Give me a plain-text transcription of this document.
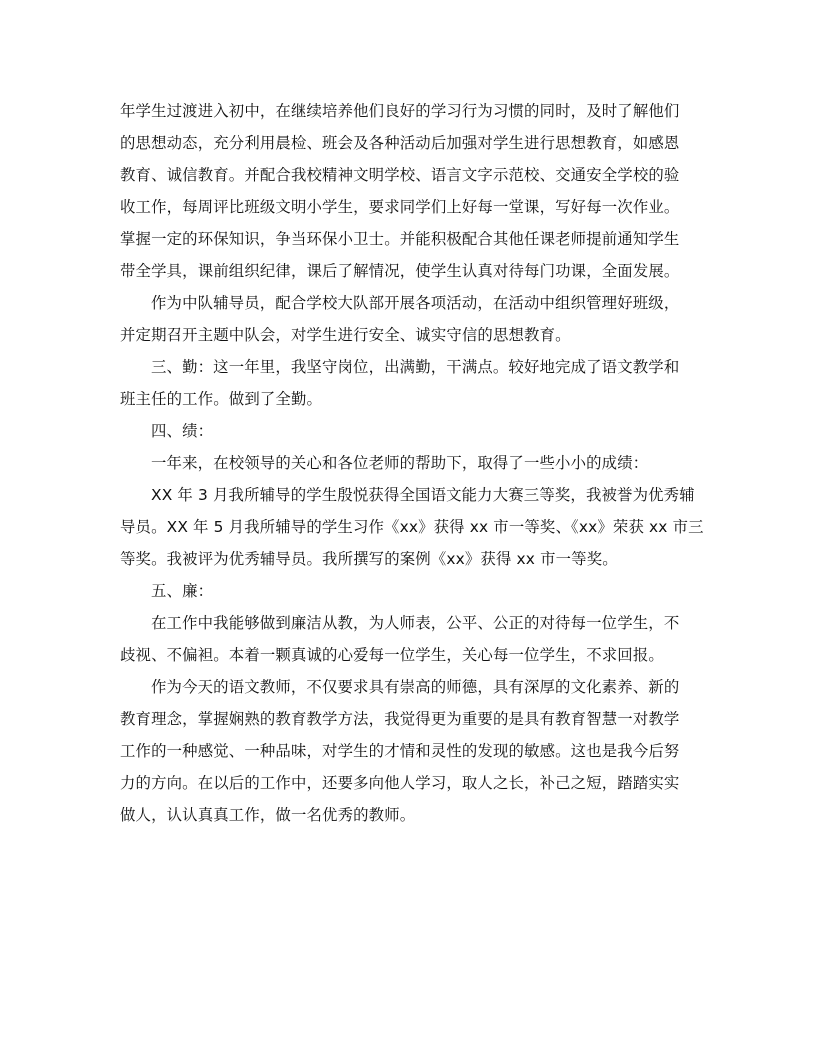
年学生过渡进入初中，在继续培养他们良好的学习行为习惯的同时，及时了解他们
的思想动态，充分利用晨检、班会及各种活动后加强对学生进行思想教育，如感恩
教育、诚信教育。并配合我校精神文明学校、语言文字示范校、交通安全学校的验
收工作，每周评比班级文明小学生，要求同学们上好每一堂课，写好每一次作业。
掌握一定的环保知识，争当环保小卫士。并能积极配合其他任课老师提前通知学生
带全学具，课前组织纪律，课后了解情况，使学生认真对待每门功课，全面发展。
作为中队辅导员，配合学校大队部开展各项活动，在活动中组织管理好班级，
并定期召开主题中队会，对学生进行安全、诚实守信的思想教育。
三、勤：这一年里，我坚守岗位，出满勤，干满点。较好地完成了语文教学和
班主任的工作。做到了全勤。
四、绩：
一年来，在校领导的关心和各位老师的帮助下，取得了一些小小的成绩：
XX 年 3 月我所辅导的学生殷悦获得全国语文能力大赛三等奖，我被誉为优秀辅
导员。XX 年 5 月我所辅导的学生习作《xx》获得 xx 市一等奖、《xx》荣获 xx 市三
等奖。我被评为优秀辅导员。我所撰写的案例《xx》获得 xx 市一等奖。
五、廉：
在工作中我能够做到廉洁从教，为人师表，公平、公正的对待每一位学生，不
歧视、不偏袒。本着一颗真诚的心爱每一位学生，关心每一位学生，不求回报。
作为今天的语文教师，不仅要求具有崇高的师德，具有深厚的文化素养、新的
教育理念，掌握娴熟的教育教学方法，我觉得更为重要的是具有教育智慧一对教学
工作的一种感觉、一种品味，对学生的才情和灵性的发现的敏感。这也是我今后努
力的方向。在以后的工作中，还要多向他人学习，取人之长，补己之短，踏踏实实
做人，认认真真工作，做一名优秀的教师。
